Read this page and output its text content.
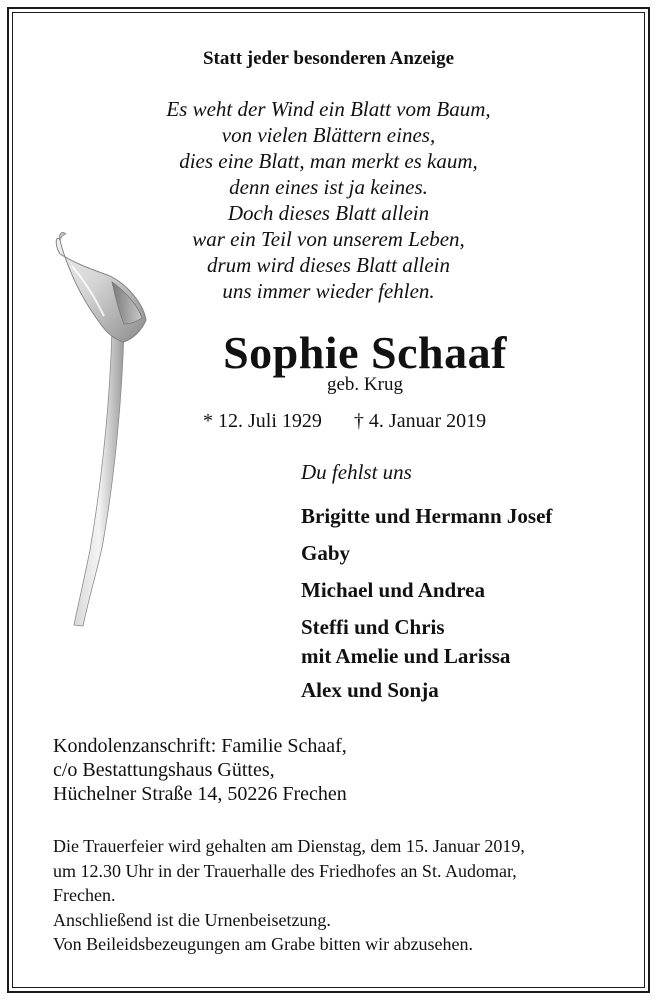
Statt jeder besonderen Anzeige
Es weht der Wind ein Blatt vom Baum,
von vielen Blättern eines,
dies eine Blatt, man merkt es kaum,
denn eines ist ja keines.
Doch dieses Blatt allein
war ein Teil von unserem Leben,
drum wird dieses Blatt allein
uns immer wieder fehlen.
Sophie Schaaf
geb. Krug
* 12. Juli 1929 † 4. Januar 2019
Du fehlst uns
Brigitte und Hermann Josef
Gaby
Michael und Andrea
Steffi und Chris
mit Amelie und Larissa
Alex und Sonja
Kondolenzanschrift: Familie Schaaf,
c/o Bestattungshaus Güttes,
Hüchelner Straße 14, 50226 Frechen
Die Trauerfeier wird gehalten am Dienstag, dem 15. Januar 2019,
um 12.30 Uhr in der Trauerhalle des Friedhofes an St. Audomar,
Frechen.
Anschließend ist die Urnenbeisetzung.
Von Beileidsbezeugungen am Grabe bitten wir abzusehen.
